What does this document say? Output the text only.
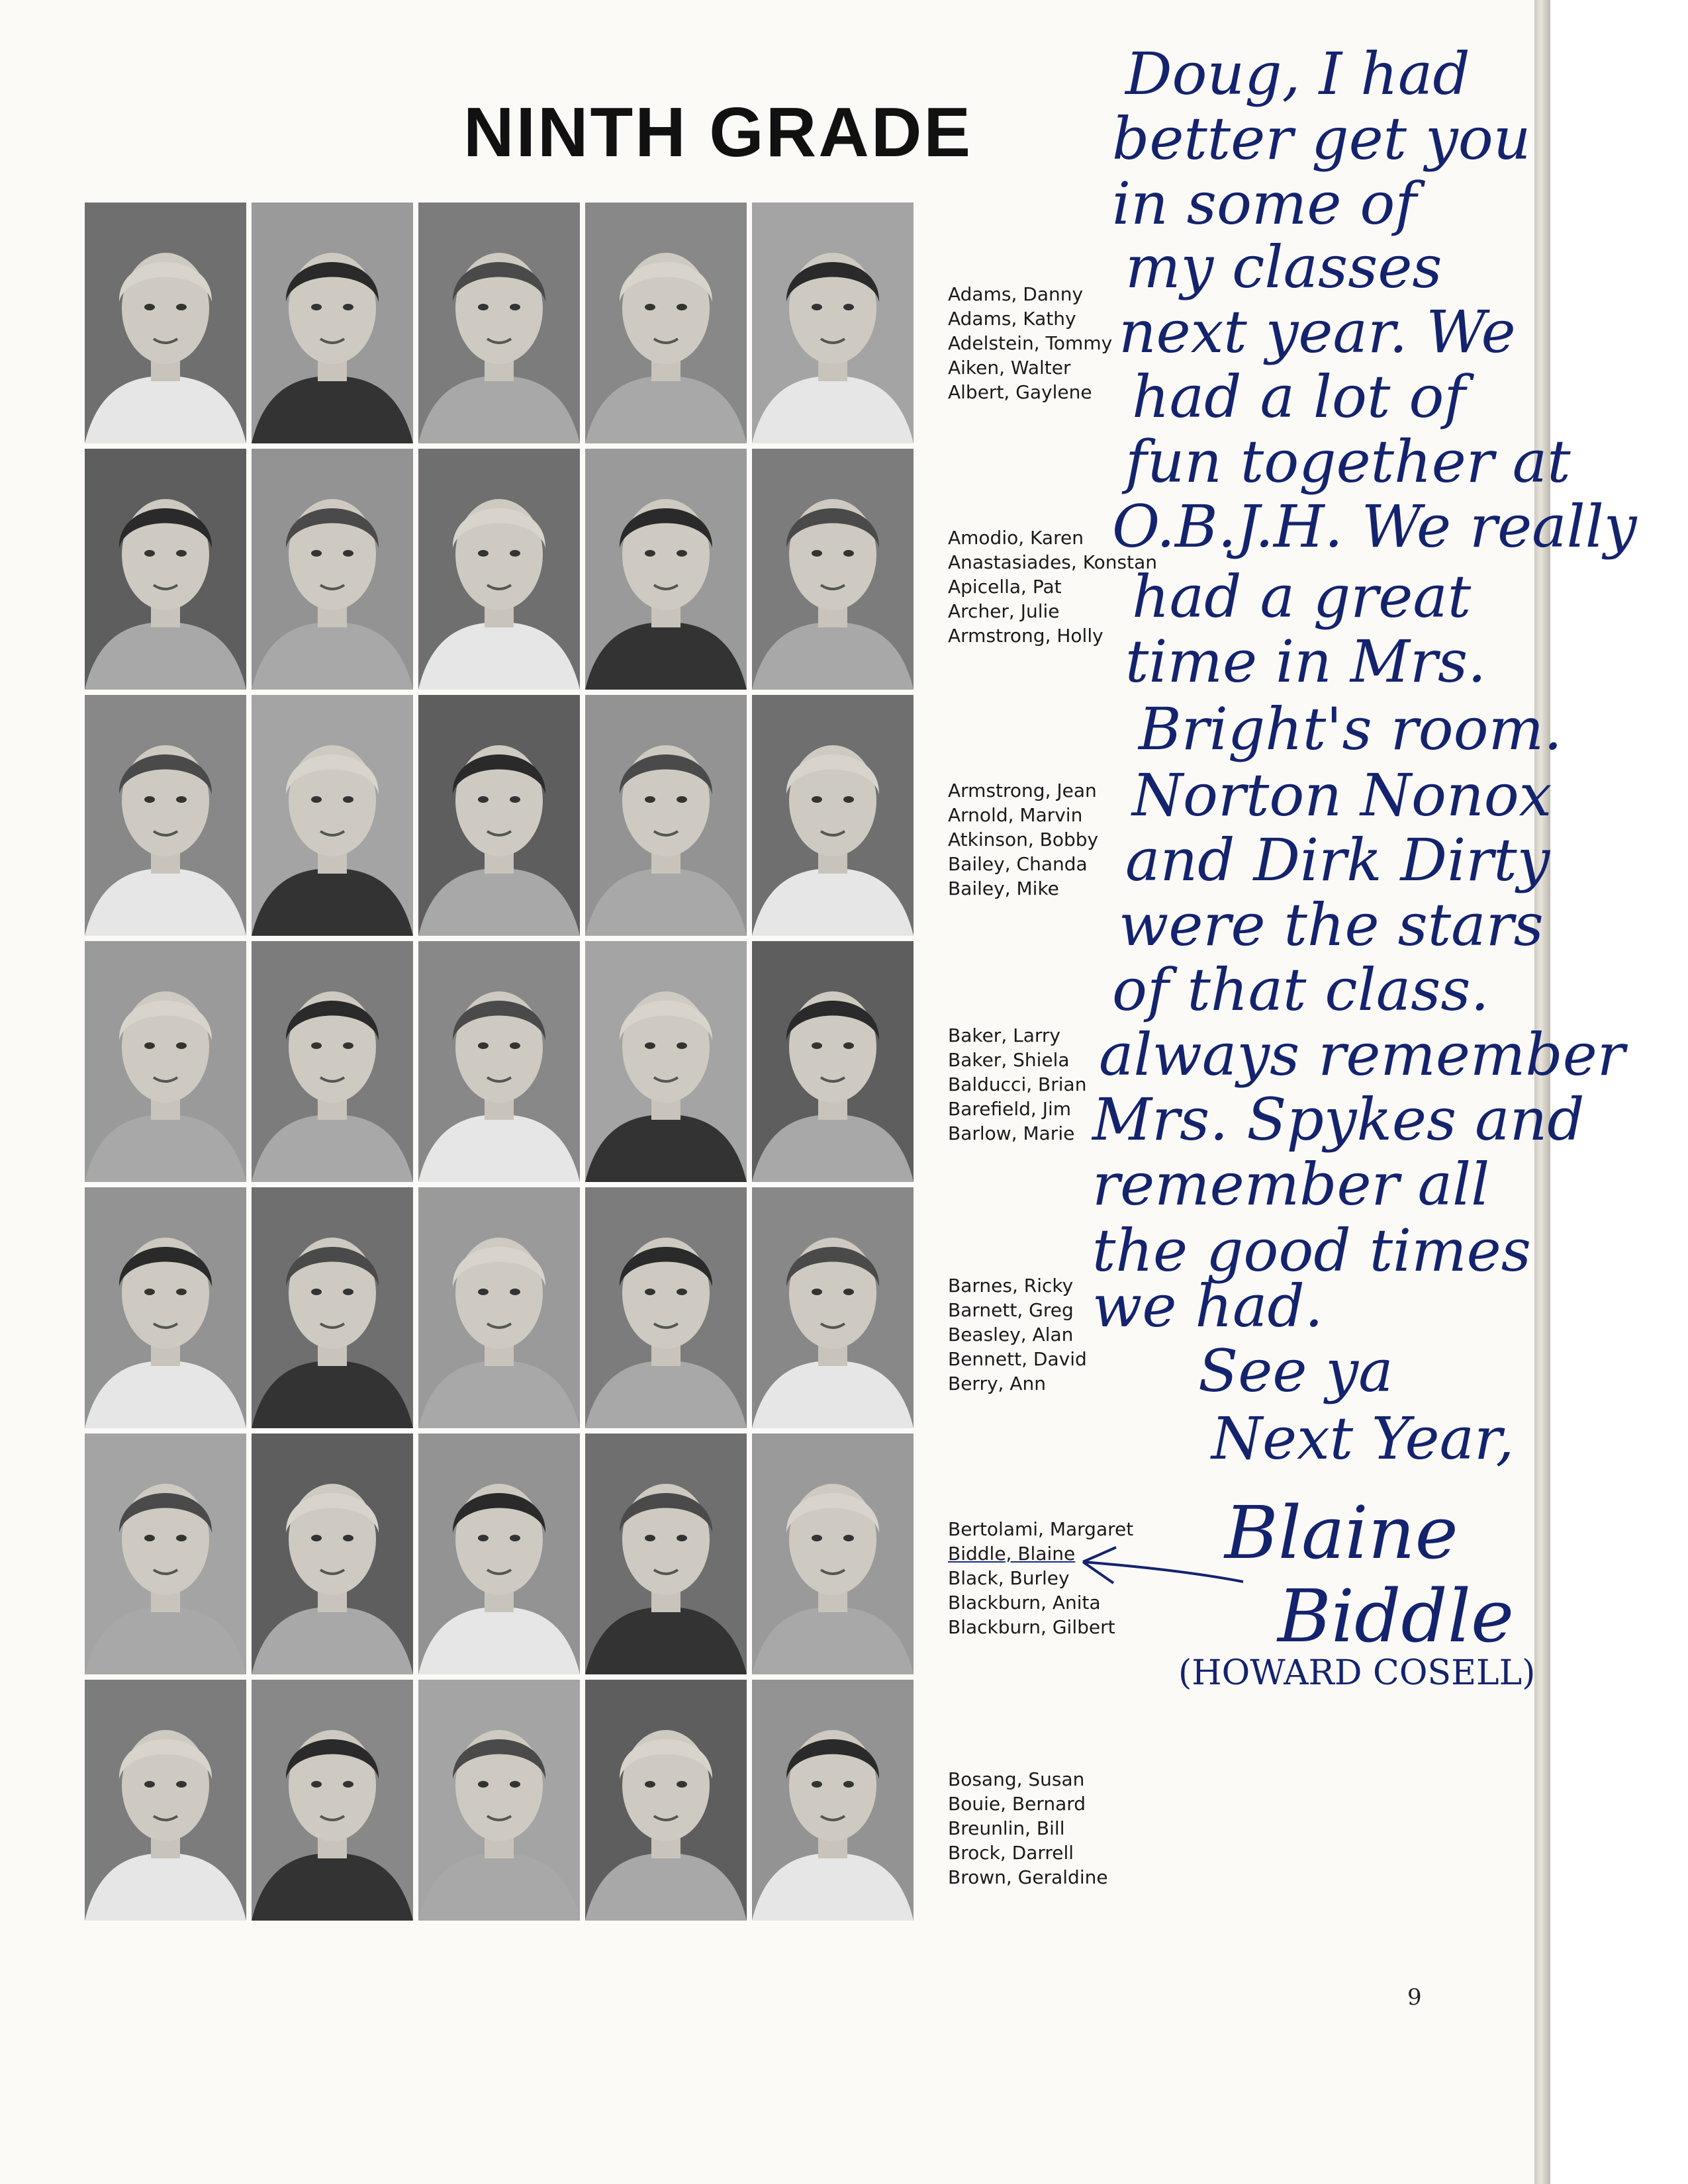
NINTH GRADE
Adams, Danny
Adams, Kathy
Adelstein, Tommy
Aiken, Walter
Albert, Gaylene
Amodio, Karen
Anastasiades, Konstan
Apicella, Pat
Archer, Julie
Armstrong, Holly
Armstrong, Jean
Arnold, Marvin
Atkinson, Bobby
Bailey, Chanda
Bailey, Mike
Baker, Larry
Baker, Shiela
Balducci, Brian
Barefield, Jim
Barlow, Marie
Barnes, Ricky
Barnett, Greg
Beasley, Alan
Bennett, David
Berry, Ann
Bertolami, Margaret
Biddle, Blaine
Black, Burley
Blackburn, Anita
Blackburn, Gilbert
Bosang, Susan
Bouie, Bernard
Breunlin, Bill
Brock, Darrell
Brown, Geraldine
Doug, I had
better get you
in some of
my classes
next year. We
had a lot of
fun together at
O.B.J.H. We really
had a great
time in Mrs.
Bright's room.
Norton Nonox
and Dirk Dirty
were the stars
of that class.
always remember
Mrs. Spykes and
remember all
the good times
we had.
See ya
Next Year,
Blaine
Biddle
(HOWARD COSELL)
9
